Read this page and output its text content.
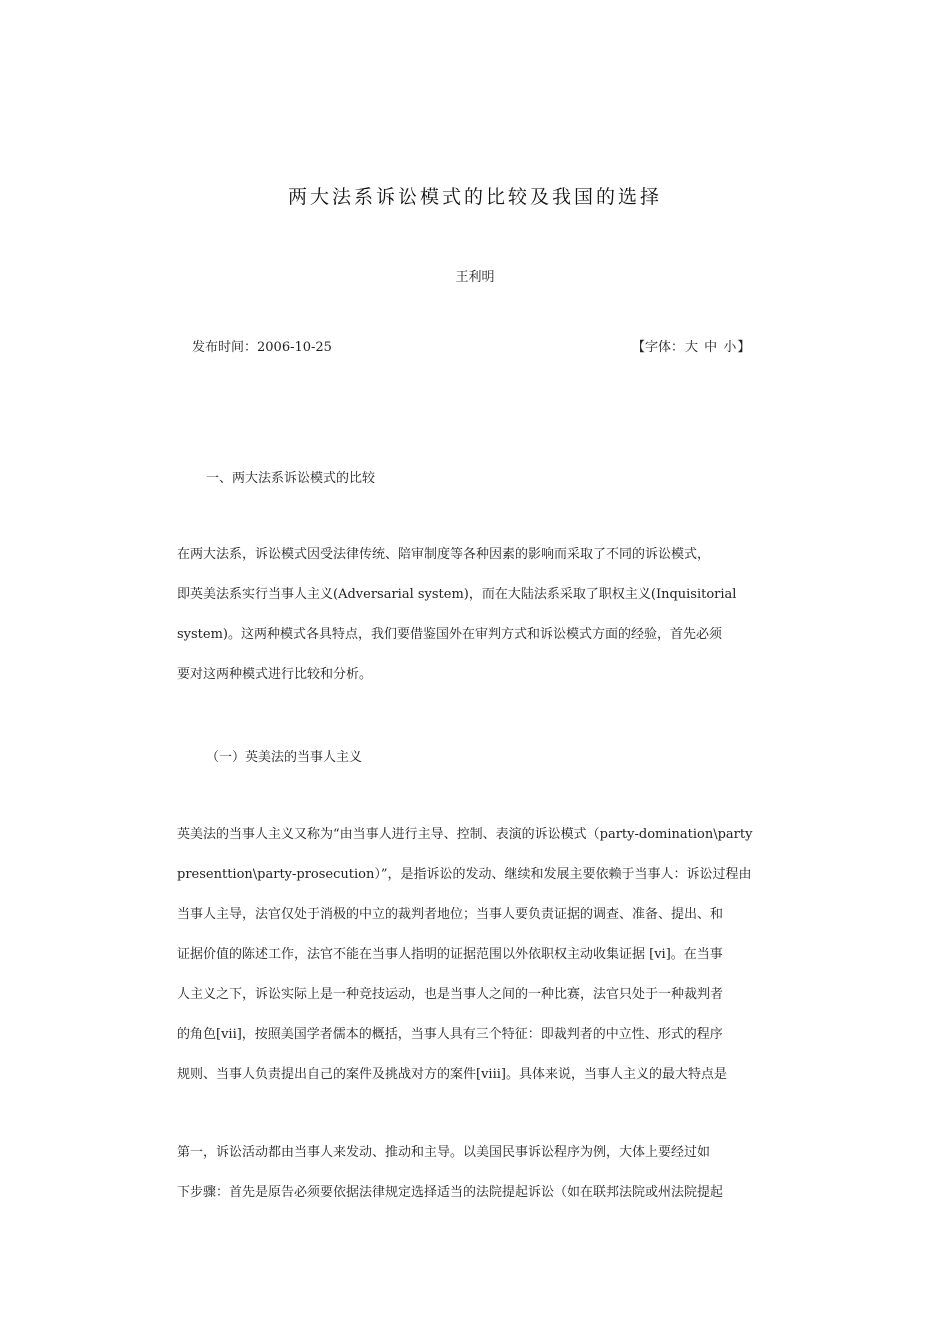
两大法系诉讼模式的比较及我国的选择
王利明
发布时间：2006-10-25	【字体：大 中 小】
一、两大法系诉讼模式的比较
在两大法系，诉讼模式因受法律传统、陪审制度等各种因素的影响而采取了不同的诉讼模式，
即英美法系实行当事人主义(Adversarial system)，而在大陆法系采取了职权主义(Inquisitorial
system)。这两种模式各具特点，我们要借鉴国外在审判方式和诉讼模式方面的经验，首先必须
要对这两种模式进行比较和分析。
（一）英美法的当事人主义
英美法的当事人主义又称为“由当事人进行主导、控制、表演的诉讼模式（party-domination\party
presenttion\party-prosecution）”，是指诉讼的发动、继续和发展主要依赖于当事人：诉讼过程由
当事人主导，法官仅处于消极的中立的裁判者地位；当事人要负责证据的调查、准备、提出、和
证据价值的陈述工作，法官不能在当事人指明的证据范围以外依职权主动收集证据 [vi]。在当事
人主义之下，诉讼实际上是一种竞技运动，也是当事人之间的一种比赛，法官只处于一种裁判者
的角色[vii]，按照美国学者儒本的概括，当事人具有三个特征：即裁判者的中立性、形式的程序
规则、当事人负责提出自己的案件及挑战对方的案件[viii]。具体来说，当事人主义的最大特点是
第一，诉讼活动都由当事人来发动、推动和主导。以美国民事诉讼程序为例，大体上要经过如
下步骤：首先是原告必须要依据法律规定选择适当的法院提起诉讼（如在联邦法院或州法院提起
